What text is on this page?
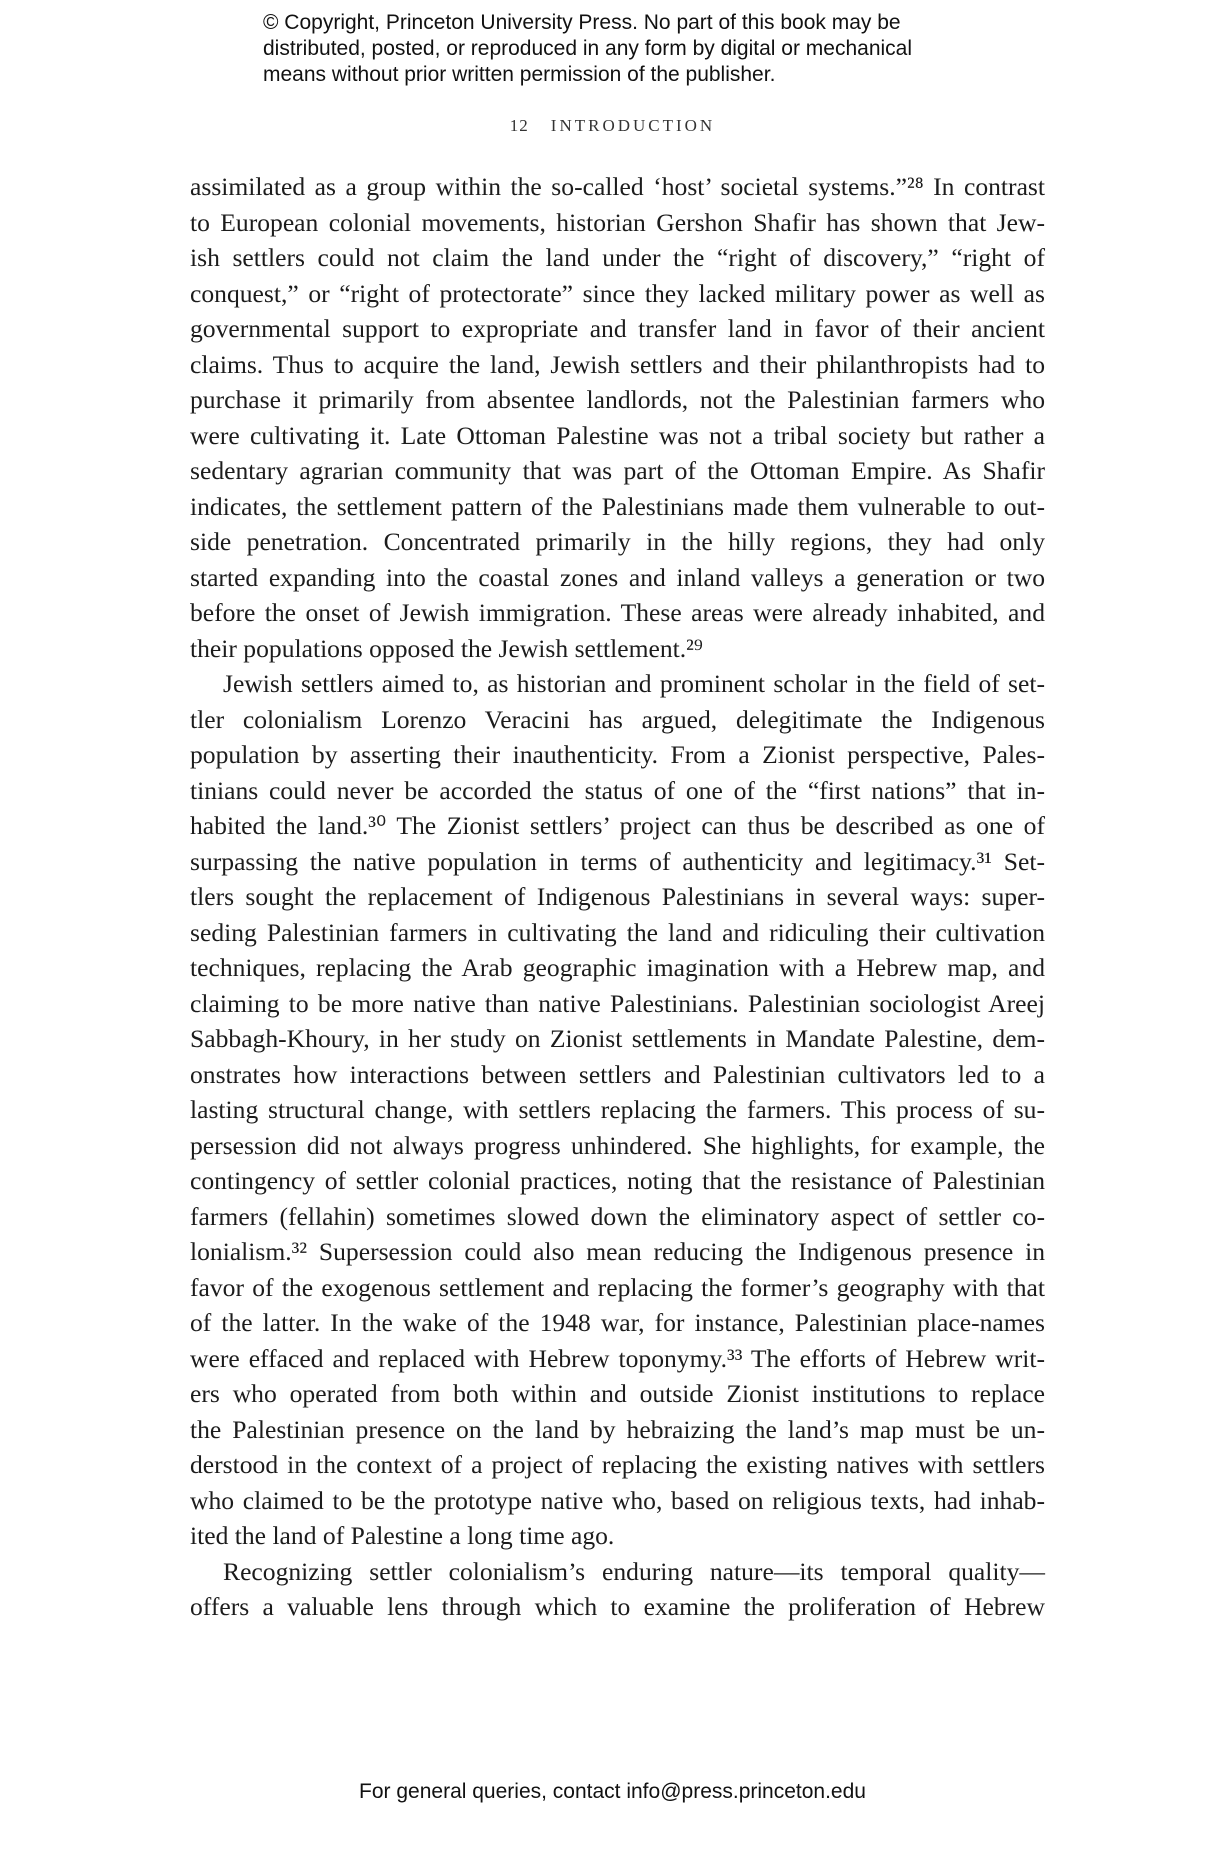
© Copyright, Princeton University Press. No part of this book may be
distributed, posted, or reproduced in any form by digital or mechanical
means without prior written permission of the publisher.
12 INTRODUCTION
assimilated as a group within the so-called ‘host’ societal systems.”²⁸ In contrast
to European colonial movements, historian Gershon Shafir has shown that Jew-
ish settlers could not claim the land under the “right of discovery,” “right of
conquest,” or “right of protectorate” since they lacked military power as well as
governmental support to expropriate and transfer land in favor of their ancient
claims. Thus to acquire the land, Jewish settlers and their philanthropists had to
purchase it primarily from absentee landlords, not the Palestinian farmers who
were cultivating it. Late Ottoman Palestine was not a tribal society but rather a
sedentary agrarian community that was part of the Ottoman Empire. As Shafir
indicates, the settlement pattern of the Palestinians made them vulnerable to out-
side penetration. Concentrated primarily in the hilly regions, they had only
started expanding into the coastal zones and inland valleys a generation or two
before the onset of Jewish immigration. These areas were already inhabited, and
their populations opposed the Jewish settlement.²⁹
Jewish settlers aimed to, as historian and prominent scholar in the field of set-
tler colonialism Lorenzo Veracini has argued, delegitimate the Indigenous
population by asserting their inauthenticity. From a Zionist perspective, Pales-
tinians could never be accorded the status of one of the “first nations” that in-
habited the land.³⁰ The Zionist settlers’ project can thus be described as one of
surpassing the native population in terms of authenticity and legitimacy.³¹ Set-
tlers sought the replacement of Indigenous Palestinians in several ways: super-
seding Palestinian farmers in cultivating the land and ridiculing their cultivation
techniques, replacing the Arab geographic imagination with a Hebrew map, and
claiming to be more native than native Palestinians. Palestinian sociologist Areej
Sabbagh-Khoury, in her study on Zionist settlements in Mandate Palestine, dem-
onstrates how interactions between settlers and Palestinian cultivators led to a
lasting structural change, with settlers replacing the farmers. This process of su-
persession did not always progress unhindered. She highlights, for example, the
contingency of settler colonial practices, noting that the resistance of Palestinian
farmers (fellahin) sometimes slowed down the eliminatory aspect of settler co-
lonialism.³² Supersession could also mean reducing the Indigenous presence in
favor of the exogenous settlement and replacing the former’s geography with that
of the latter. In the wake of the 1948 war, for instance, Palestinian place-names
were effaced and replaced with Hebrew toponymy.³³ The efforts of Hebrew writ-
ers who operated from both within and outside Zionist institutions to replace
the Palestinian presence on the land by hebraizing the land’s map must be un-
derstood in the context of a project of replacing the existing natives with settlers
who claimed to be the prototype native who, based on religious texts, had inhab-
ited the land of Palestine a long time ago.
Recognizing settler colonialism’s enduring nature—its temporal quality—
offers a valuable lens through which to examine the proliferation of Hebrew
For general queries, contact info@press.princeton.edu
